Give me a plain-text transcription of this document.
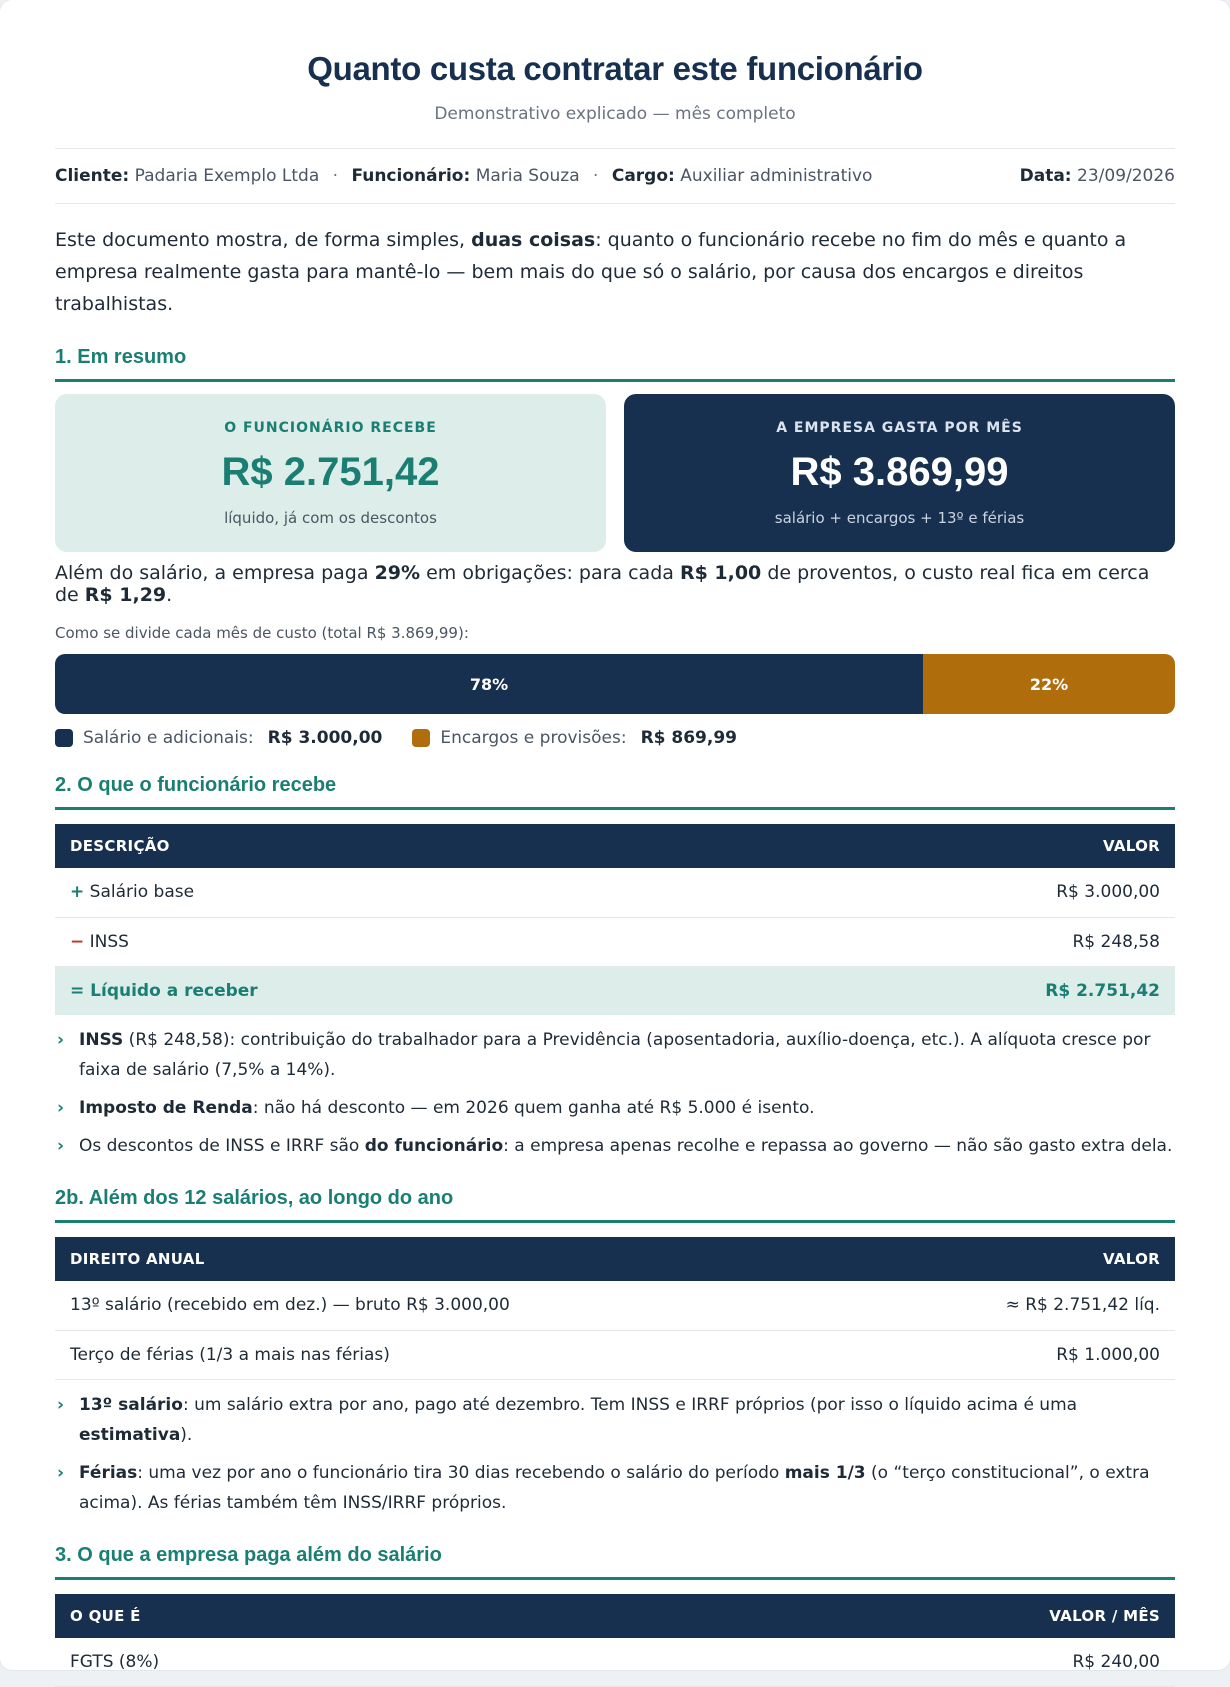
Quanto custa contratar este funcionário
Demonstrativo explicado — mês completo
Cliente: Padaria Exemplo Ltda · Funcionário: Maria Souza · Cargo: Auxiliar administrativo	Data: 23/09/2026

Este documento mostra, de forma simples, duas coisas: quanto o funcionário recebe no fim do mês e quanto a empresa realmente gasta para mantê-lo — bem mais do que só o salário, por causa dos encargos e direitos trabalhistas.

1. Em resumo
O FUNCIONÁRIO RECEBE
R$ 2.751,42
líquido, já com os descontos
A EMPRESA GASTA POR MÊS
R$ 3.869,99
salário + encargos + 13º e férias

Além do salário, a empresa paga 29% em obrigações: para cada R$ 1,00 de proventos, o custo real fica em cerca de R$ 1,29.

Como se divide cada mês de custo (total R$ 3.869,99):
78%	22%
Salário e adicionais: R$ 3.000,00	Encargos e provisões: R$ 869,99
2. O que o funcionário recebe
DESCRIÇÃO	VALOR
+ Salário base	R$ 3.000,00
− INSS	R$ 248,58
= Líquido a receber	R$ 2.751,42
› INSS (R$ 248,58): contribuição do trabalhador para a Previdência (aposentadoria, auxílio-doença, etc.). A alíquota cresce por faixa de salário (7,5% a 14%).
› Imposto de Renda: não há desconto — em 2026 quem ganha até R$ 5.000 é isento.
› Os descontos de INSS e IRRF são do funcionário: a empresa apenas recolhe e repassa ao governo — não são gasto extra dela.
2b. Além dos 12 salários, ao longo do ano
DIREITO ANUAL	VALOR
13º salário (recebido em dez.) — bruto R$ 3.000,00	≈ R$ 2.751,42 líq.
Terço de férias (1/3 a mais nas férias)	R$ 1.000,00
› 13º salário: um salário extra por ano, pago até dezembro. Tem INSS e IRRF próprios (por isso o líquido acima é uma estimativa).
› Férias: uma vez por ano o funcionário tira 30 dias recebendo o salário do período mais 1/3 (o “terço constitucional”, o extra acima). As férias também têm INSS/IRRF próprios.
3. O que a empresa paga além do salário
O QUE É	VALOR / MÊS
FGTS (8%)	R$ 240,00
